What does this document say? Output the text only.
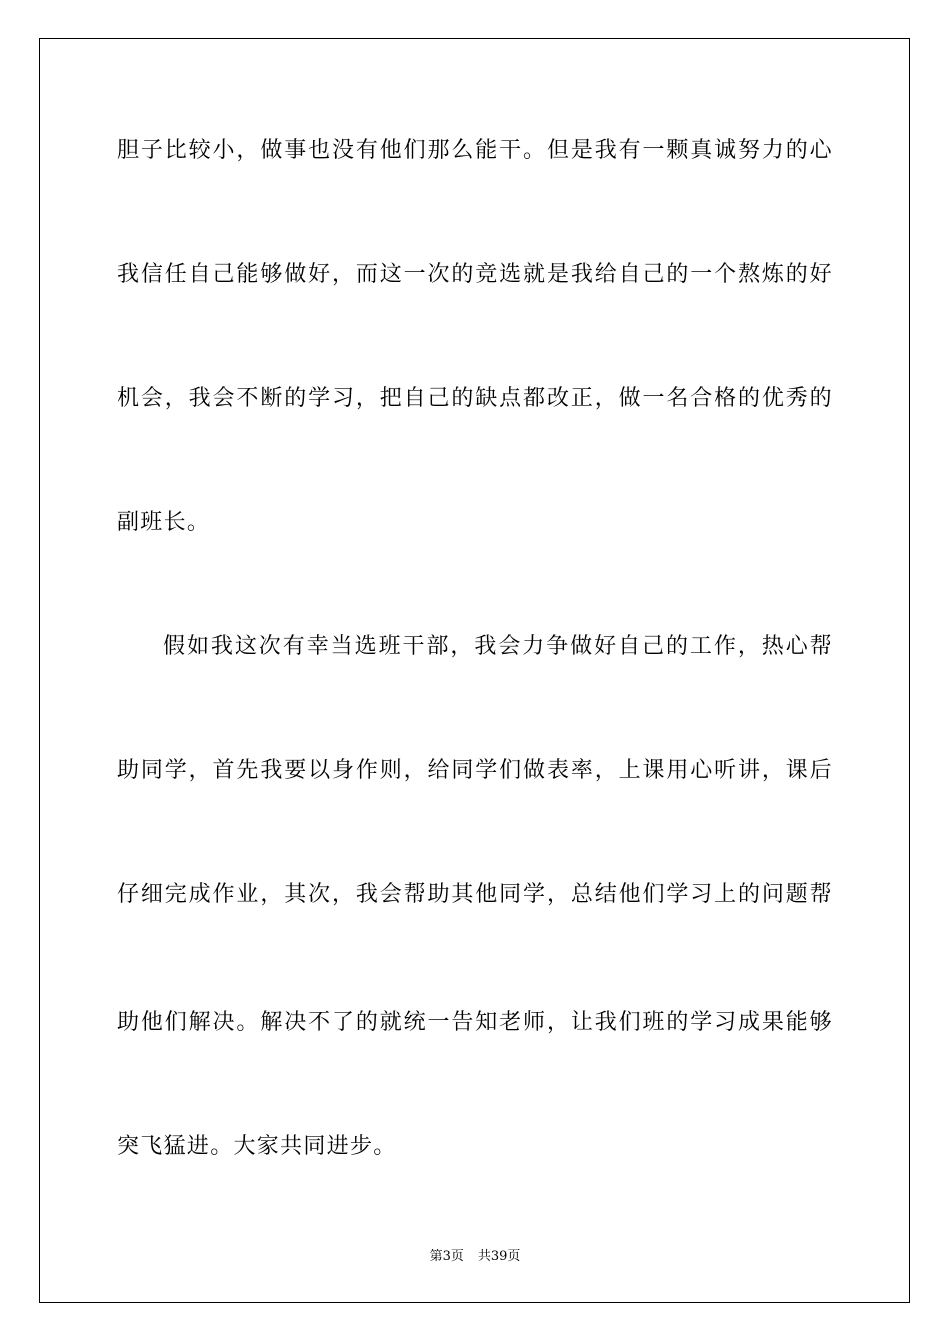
胆子比较小，做事也没有他们那么能干。但是我有一颗真诚努力的心
我信任自己能够做好，而这一次的竞选就是我给自己的一个熬炼的好
机会，我会不断的学习，把自己的缺点都改正，做一名合格的优秀的
副班长。
假如我这次有幸当选班干部，我会力争做好自己的工作，热心帮
助同学，首先我要以身作则，给同学们做表率，上课用心听讲，课后
仔细完成作业，其次，我会帮助其他同学，总结他们学习上的问题帮
助他们解决。解决不了的就统一告知老师，让我们班的学习成果能够
突飞猛进。大家共同进步。
第3页 共39页
